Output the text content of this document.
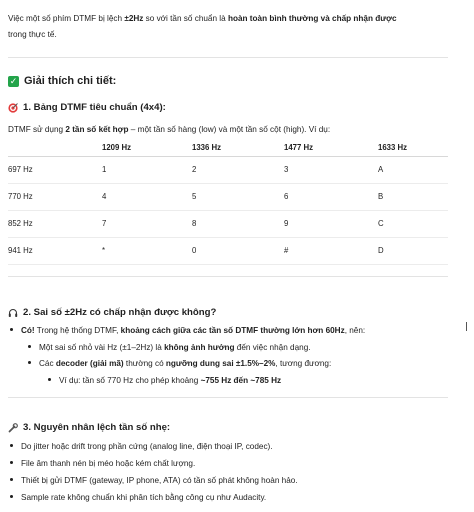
Việc một số phím DTMF bị lệch ±2Hz so với tần số chuẩn là hoàn toàn bình thường và chấp nhận được

trong thực tế.

✓ Giải thích chi tiết:
1. Bảng DTMF tiêu chuẩn (4x4):
DTMF sử dụng 2 tần số kết hợp – một tần số hàng (low) và một tần số cột (high). Ví dụ:
	1209 Hz	1336 Hz	1477 Hz	1633 Hz
697 Hz	1	2	3	A
770 Hz	4	5	6	B
852 Hz	7	8	9	C
941 Hz	*	0	#	D
2. Sai số ±2Hz có chấp nhận được không?
Có! Trong hệ thống DTMF, khoảng cách giữa các tần số DTMF thường lớn hơn 60Hz, nên:
Một sai số nhỏ vài Hz (±1–2Hz) là không ảnh hưởng đến việc nhận dạng.
Các decoder (giải mã) thường có ngưỡng dung sai ±1.5%–2%, tương đương:
Ví dụ: tần số 770 Hz cho phép khoảng ~755 Hz đến ~785 Hz
3. Nguyên nhân lệch tần số nhẹ:
Do jitter hoặc drift trong phần cứng (analog line, điện thoại IP, codec).
File âm thanh nén bị méo hoặc kém chất lượng.
Thiết bị gửi DTMF (gateway, IP phone, ATA) có tần số phát không hoàn hảo.
Sample rate không chuẩn khi phân tích bằng công cụ như Audacity.
